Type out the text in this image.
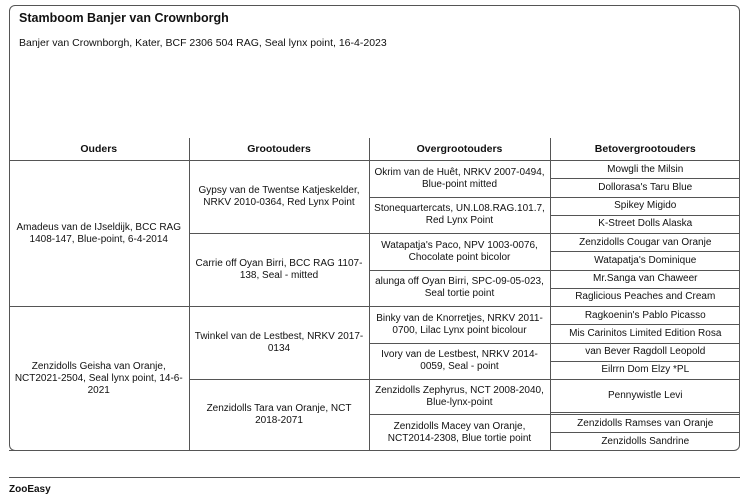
Stamboom Banjer van Crownborgh
Banjer van Crownborgh, Kater, BCF 2306 504 RAG, Seal lynx point, 16-4-2023
Ouders	Grootouders	Overgrootouders	Betovergrootouders
Amadeus van de IJseldijk, BCC RAG 1408-147, Blue-point, 6-4-2014	Gypsy van de Twentse Katjeskelder, NRKV 2010-0364, Red Lynx Point	Okrim van de Huêt, NRKV 2007-0494, Blue-point mitted	Mowgli the Milsin
			Dollorasa's Taru Blue
		Stonequartercats, UN.L08.RAG.101.7, Red Lynx Point	Spikey Migido
			K-Street Dolls Alaska
	Carrie off Oyan Birri, BCC RAG 1107-138, Seal - mitted	Watapatja's Paco, NPV 1003-0076, Chocolate point bicolor	Zenzidolls Cougar van Oranje
			Watapatja's Dominique
		alunga off Oyan Birri, SPC-09-05-023, Seal tortie point	Mr.Sanga van Chaweer
			Raglicious Peaches and Cream
Zenzidolls Geisha van Oranje, NCT2021-2504, Seal lynx point, 14-6-2021	Twinkel van de Lestbest, NRKV 2017-0134	Binky van de Knorretjes, NRKV 2011-0700, Lilac Lynx point bicolour	Ragkoenin's Pablo Picasso
			Mis Carinitos Limited Edition Rosa
		Ivory van de Lestbest, NRKV 2014-0059, Seal - point	van Bever Ragdoll Leopold
			Eilrrn Dom Elzy *PL
	Zenzidolls Tara van Oranje, NCT 2018-2071	Zenzidolls Zephyrus, NCT 2008-2040, Blue-lynx-point	Pennywistle Levi

		Zenzidolls Macey van Oranje, NCT2014-2308, Blue tortie point	Zenzidolls Ramses van Oranje
			Zenzidolls Sandrine
ZooEasy
